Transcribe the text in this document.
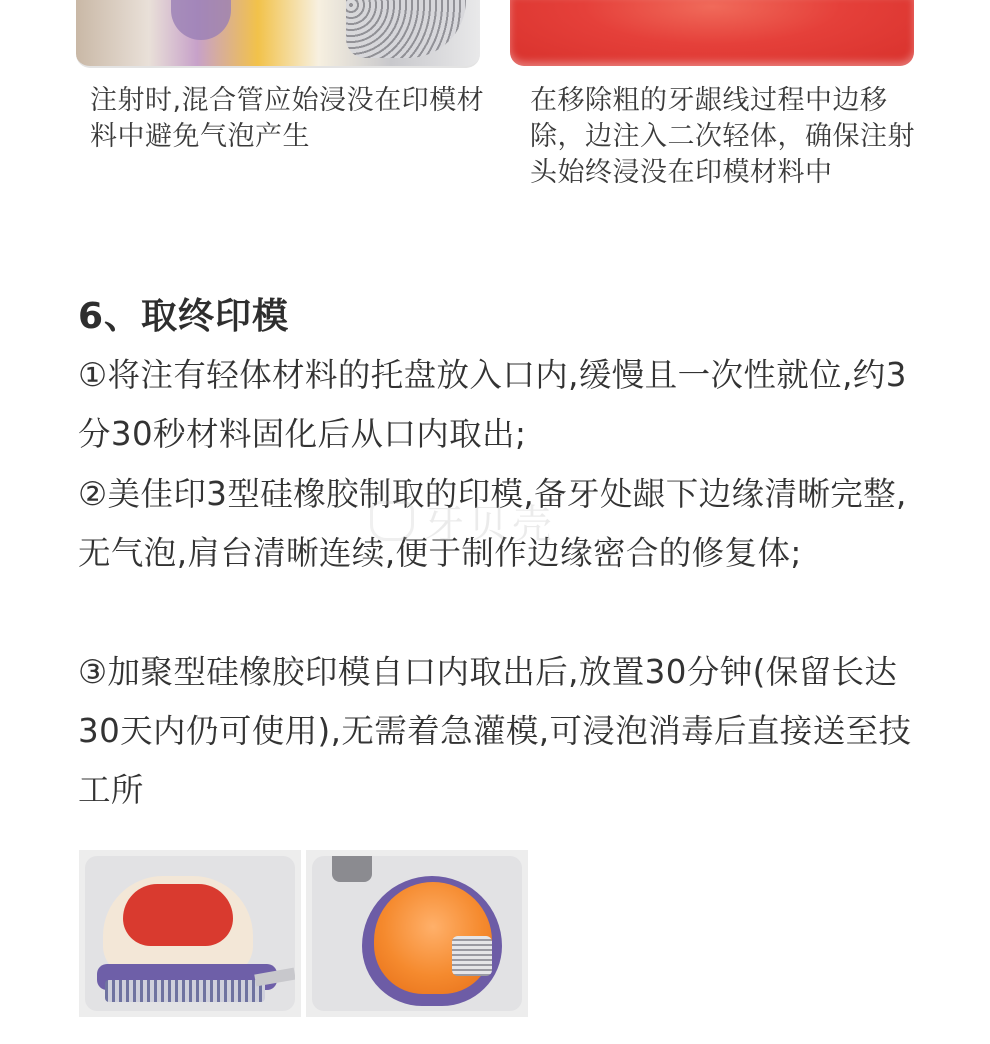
注射时,混合管应始浸没在印模材料中避免气泡产生
在移除粗的牙龈线过程中边移除，边注入二次轻体，确保注射头始终浸没在印模材料中
6、取终印模
①将注有轻体材料的托盘放入口内,缓慢且一次性就位,约3分30秒材料固化后从口内取出;
②美佳印3型硅橡胶制取的印模,备牙处龈下边缘清晰完整,无气泡,肩台清晰连续,便于制作边缘密合的修复体;
③加聚型硅橡胶印模自口内取出后,放置30分钟(保留长达30天内仍可使用),无需着急灌模,可浸泡消毒后直接送至技工所
牙贝壳
